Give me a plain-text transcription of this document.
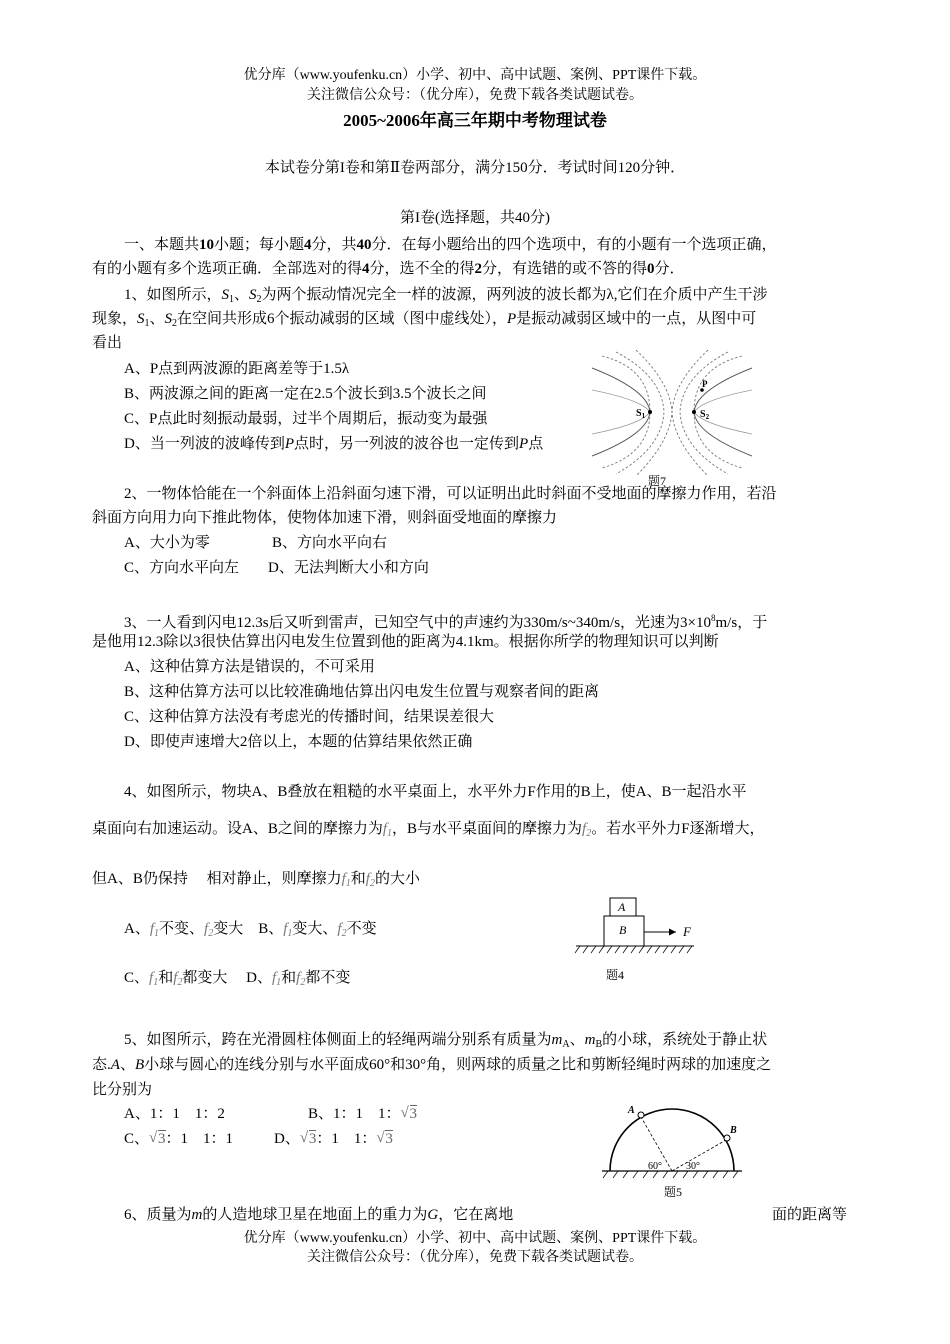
优分库（www.youfenku.cn）小学、初中、高中试题、案例、PPT课件下载。
关注微信公众号：（优分库），免费下载各类试题试卷。
2005~2006年高三年期中考物理试卷
本试卷分第I卷和第Ⅱ卷两部分，满分150分．考试时间120分钟．
第I卷(选择题，共40分)
一、本题共10小题；每小题4分，共40分．在每小题给出的四个选项中，有的小题有一个选项正确，
有的小题有多个选项正确．全部选对的得4分，选不全的得2分，有选错的或不答的得0分．
1、如图所示，$S_1$、$S_2$为两个振动情况完全一样的波源，两列波的波长都为λ,它们在介质中产生干涉
现象，$S_1$、$S_2$在空间共形成6个振动减弱的区域（图中虚线处），P是振动减弱区域中的一点，从图中可
看出
A、P点到两波源的距离差等于1.5λ
B、两波源之间的距离一定在2.5个波长到3.5个波长之间
C、P点此时刻振动最弱，过半个周期后，振动变为最强
D、当一列波的波峰传到P点时，另一列波的波谷也一定传到P点
$S_1$	$S_2$
P
题7
2、一物体恰能在一个斜面体上沿斜面匀速下滑，可以证明出此时斜面不受地面的摩擦力作用，若沿
斜面方向用力向下推此物体，使物体加速下滑，则斜面受地面的摩擦力
A、大小为零	B、方向水平向右
C、方向水平向左 D、无法判断大小和方向
3、一人看到闪电12.3s后又听到雷声，已知空气中的声速约为330m/s~340m/s，光速为$3\times 10^8m/s$，于
是他用12.3除以3很快估算出闪电发生位置到他的距离为4.1km。根据你所学的物理知识可以判断
A、这种估算方法是错误的，不可采用
B、这种估算方法可以比较准确地估算出闪电发生位置与观察者间的距离
C、这种估算方法没有考虑光的传播时间，结果误差很大
D、即使声速增大2倍以上，本题的估算结果依然正确
4、如图所示，物块A、B叠放在粗糙的水平桌面上，水平外力F作用的B上，使A、B一起沿水平
桌面向右加速运动。设A、B之间的摩擦力为$f_1$，B与水平桌面间的摩擦力为$f_2$。若水平外力F逐渐增大，
但A、B仍保持　 相对静止，则摩擦力$f_1$和$f_2$的大小
A、$f_1$不变、$f_2$变大　B、$f_1$变大、$f_2$不变
C、$f_1$和$f_2$都变大　 D、$f_1$和$f_2$都不变
A
B	F
题4
5、如图所示，跨在光滑圆柱体侧面上的轻绳两端分别系有质量为$m_A$、$m_B$的小球，系统处于静止状
态.A、B小球与圆心的连线分别与水平面成60°和30°角，则两球的质量之比和剪断轻绳时两球的加速度之
比分别为
A、1：1　1：2	B、1：1　1： √ 3
C、 √ 3：1　1：1	D、 √ 3：1　1： √ 3
A
B
60° 30°
题5
6、质量为m的人造地球卫星在地面上的重力为G，它在离地	面的距离等
优分库（www.youfenku.cn）小学、初中、高中试题、案例、PPT课件下载。
关注微信公众号：（优分库），免费下载各类试题试卷。
